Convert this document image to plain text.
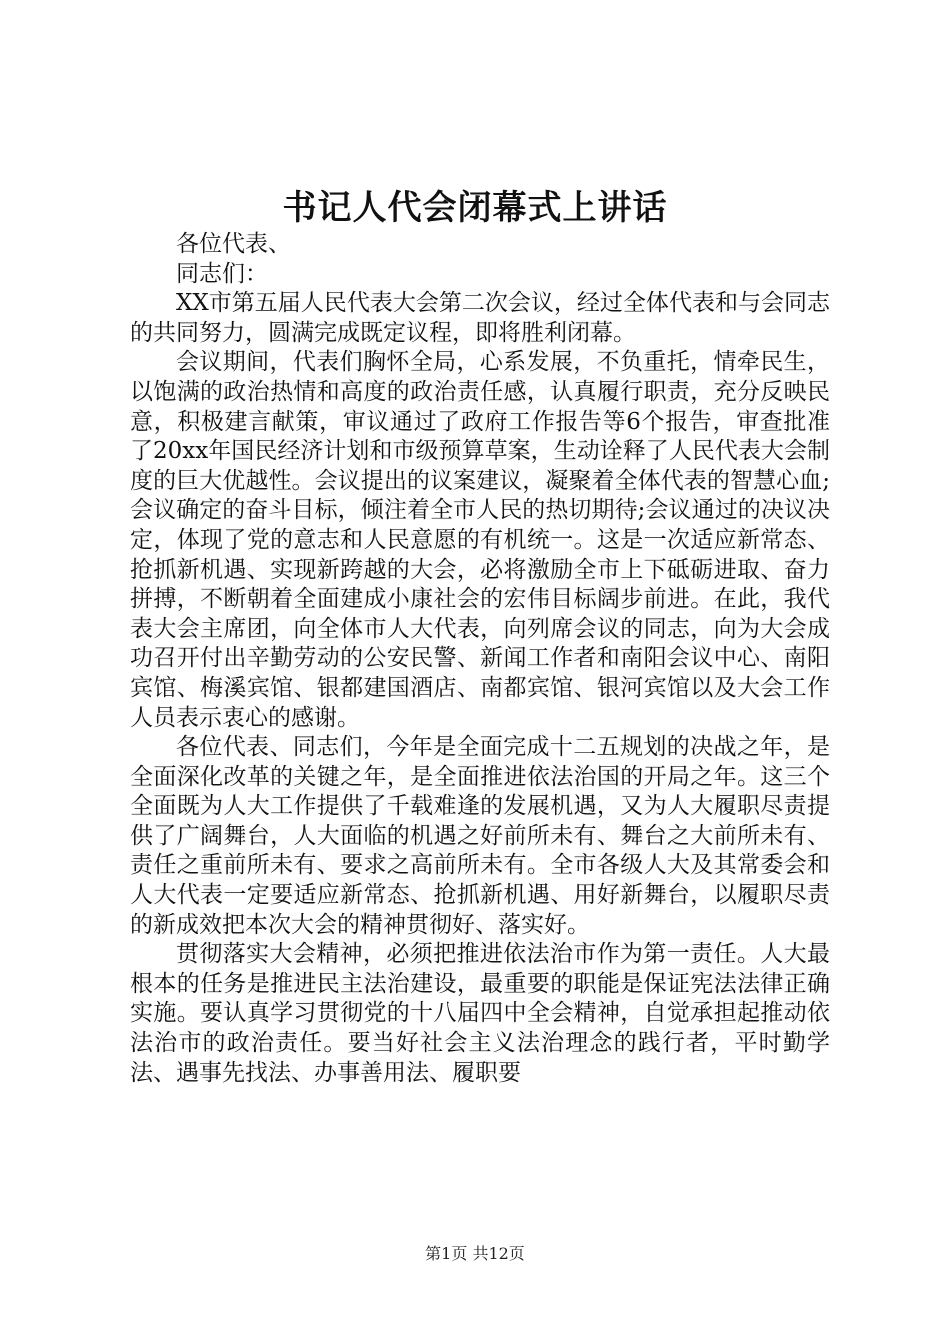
书记人代会闭幕式上讲话

各位代表、

同志们：

XX市第五届人民代表大会第二次会议，经过全体代表和与会同志的共同努力，圆满完成既定议程，即将胜利闭幕。

会议期间，代表们胸怀全局，心系发展，不负重托，情牵民生，以饱满的政治热情和高度的政治责任感，认真履行职责，充分反映民意，积极建言献策，审议通过了政府工作报告等6个报告，审查批准了20xx年国民经济计划和市级预算草案，生动诠释了人民代表大会制度的巨大优越性。会议提出的议案建议，凝聚着全体代表的智慧心血;会议确定的奋斗目标，倾注着全市人民的热切期待;会议通过的决议决定，体现了党的意志和人民意愿的有机统一。这是一次适应新常态、抢抓新机遇、实现新跨越的大会，必将激励全市上下砥砺进取、奋力拼搏，不断朝着全面建成小康社会的宏伟目标阔步前进。在此，我代表大会主席团，向全体市人大代表，向列席会议的同志，向为大会成功召开付出辛勤劳动的公安民警、新闻工作者和南阳会议中心、南阳宾馆、梅溪宾馆、银都建国酒店、南都宾馆、银河宾馆以及大会工作人员表示衷心的感谢。

各位代表、同志们，今年是全面完成十二五规划的决战之年，是全面深化改革的关键之年，是全面推进依法治国的开局之年。这三个全面既为人大工作提供了千载难逢的发展机遇，又为人大履职尽责提供了广阔舞台，人大面临的机遇之好前所未有、舞台之大前所未有、责任之重前所未有、要求之高前所未有。全市各级人大及其常委会和人大代表一定要适应新常态、抢抓新机遇、用好新舞台，以履职尽责的新成效把本次大会的精神贯彻好、落实好。

贯彻落实大会精神，必须把推进依法治市作为第一责任。人大最根本的任务是推进民主法治建设，最重要的职能是保证宪法法律正确实施。要认真学习贯彻党的十八届四中全会精神，自觉承担起推动依法治市的政治责任。要当好社会主义法治理念的践行者，平时勤学法、遇事先找法、办事善用法、履职要

第1页 共12页
